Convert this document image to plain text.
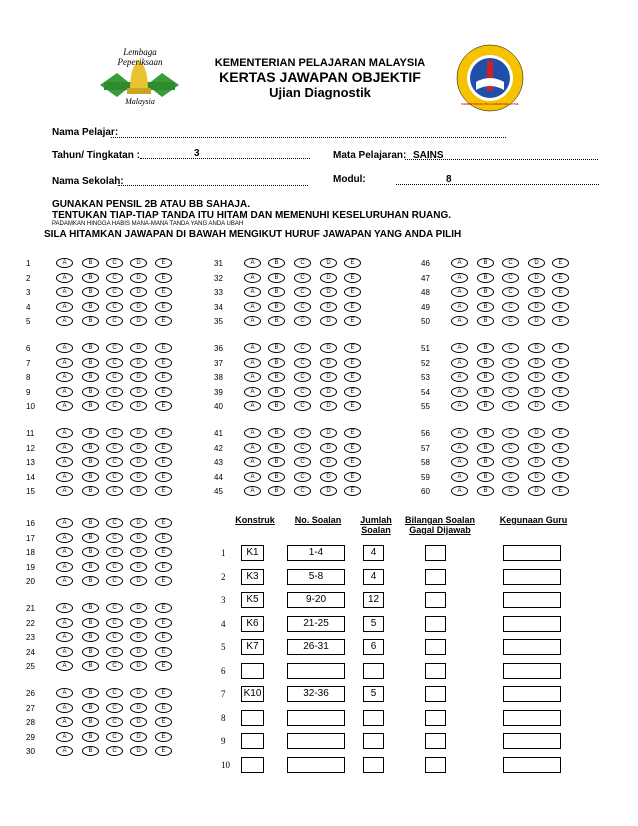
Lembaga Peperiksaan
Malaysia
KEMENTERIAN PELAJARAN MALAYSIA
KERTAS JAWAPAN OBJEKTIF
Ujian Diagnostik
KEMENTERIAN PELAJARAN MALAYSIA
Nama Pelajar:
Tahun/ Tingkatan :	3	Mata Pelajaran: SAINS
Nama Sekolah:	Modul:	8
GUNAKAN PENSIL 2B ATAU BB SAHAJA.
TENTUKAN TIAP-TIAP TANDA ITU HITAM DAN MEMENUHI KESELURUHAN RUANG.
PADAMKAN HINGGA HABIS MANA-MANA TANDA YANG ANDA UBAH
SILA HITAMKAN JAWAPAN DI BAWAH MENGIKUT HURUF JAWAPAN YANG ANDA PILIH
1	A	B	C	D	E
2	A	B	C	D	E
3	A	B	C	D	E
4	A	B	C	D	E
5	A	B	C	D	E
6	A	B	C	D	E
7	A	B	C	D	E
8	A	B	C	D	E
9	A	B	C	D	E
10	A	B	C	D	E
11	A	B	C	D	E
12	A	B	C	D	E
13	A	B	C	D	E
14	A	B	C	D	E
15	A	B	C	D	E
16	A	B	C	D	E
17	A	B	C	D	E
18	A	B	C	D	E
19	A	B	C	D	E
20	A	B	C	D	E
21	A	B	C	D	E
22	A	B	C	D	E
23	A	B	C	D	E
24	A	B	C	D	E
25	A	B	C	D	E
26	A	B	C	D	E
27	A	B	C	D	E
28	A	B	C	D	E
29	A	B	C	D	E
30	A	B	C	D	E
31	A	B	C	D	E
32	A	B	C	D	E
33	A	B	C	D	E
34	A	B	C	D	E
35	A	B	C	D	E
36	A	B	C	D	E
37	A	B	C	D	E
38	A	B	C	D	E
39	A	B	C	D	E
40	A	B	C	D	E
41	A	B	C	D	E
42	A	B	C	D	E
43	A	B	C	D	E
44	A	B	C	D	E
45	A	B	C	D	E
46	A	B	C	D	E
47	A	B	C	D	E
48	A	B	C	D	E
49	A	B	C	D	E
50	A	B	C	D	E
51	A	B	C	D	E
52	A	B	C	D	E
53	A	B	C	D	E
54	A	B	C	D	E
55	A	B	C	D	E
56	A	B	C	D	E
57	A	B	C	D	E
58	A	B	C	D	E
59	A	B	C	D	E
60	A	B	C	D	E
Konstruk	No. Soalan	Jumlah Soalan
Bilangan Soalan Gagal Dijawab
Kegunaan Guru
1	K1	1-4	4
2	K3	5-8	4
3	K5	9-20	12
4	K6	21-25	5
5	K7	26-31	6
6
7	K10	32-36	5
8
9
10
